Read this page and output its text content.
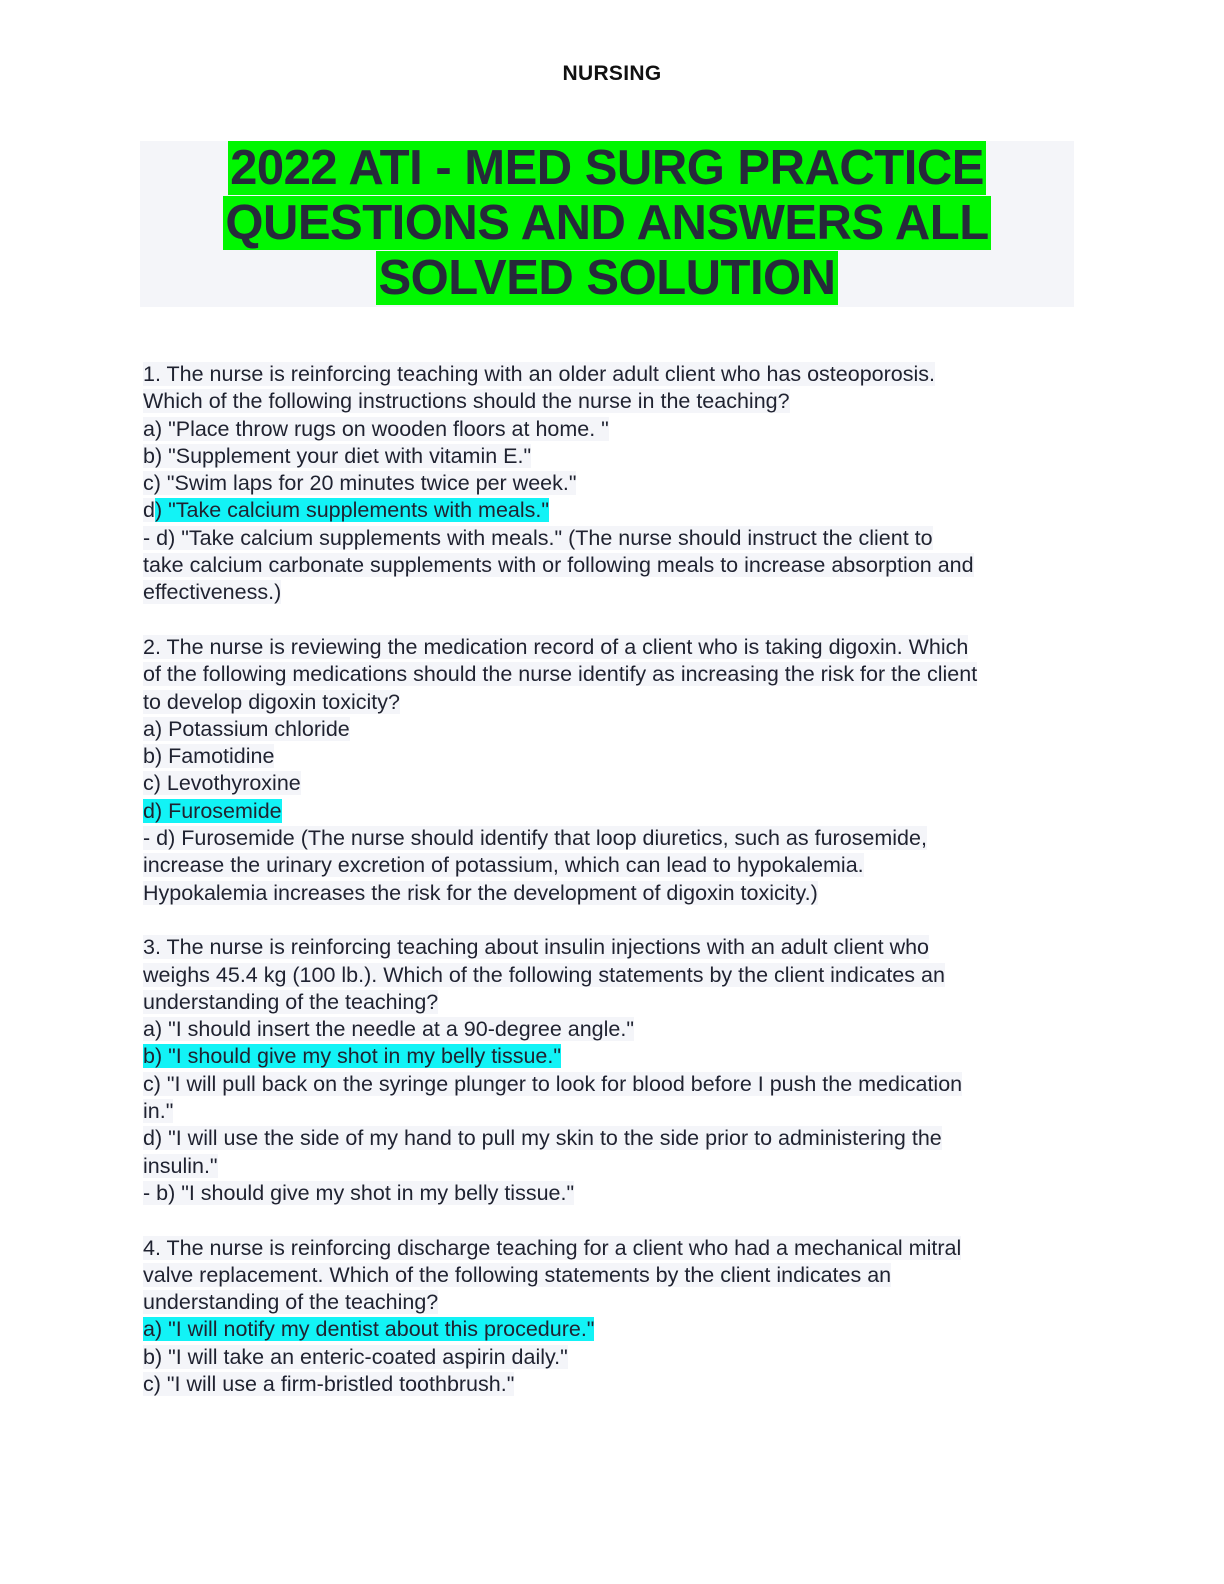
NURSING
2022 ATI - MED SURG PRACTICE
QUESTIONS AND ANSWERS ALL
SOLVED SOLUTION
1. The nurse is reinforcing teaching with an older adult client who has osteoporosis.
Which of the following instructions should the nurse in the teaching?
a) "Place throw rugs on wooden floors at home. "
b) "Supplement your diet with vitamin E."
c) "Swim laps for 20 minutes twice per week."
d) "Take calcium supplements with meals."
- d) "Take calcium supplements with meals." (The nurse should instruct the client to
take calcium carbonate supplements with or following meals to increase absorption and
effectiveness.)
2. The nurse is reviewing the medication record of a client who is taking digoxin. Which
of the following medications should the nurse identify as increasing the risk for the client
to develop digoxin toxicity?
a) Potassium chloride
b) Famotidine
c) Levothyroxine
d) Furosemide
- d) Furosemide (The nurse should identify that loop diuretics, such as furosemide,
increase the urinary excretion of potassium, which can lead to hypokalemia.
Hypokalemia increases the risk for the development of digoxin toxicity.)
3. The nurse is reinforcing teaching about insulin injections with an adult client who
weighs 45.4 kg (100 lb.). Which of the following statements by the client indicates an
understanding of the teaching?
a) "I should insert the needle at a 90-degree angle."
b) "I should give my shot in my belly tissue."
c) "I will pull back on the syringe plunger to look for blood before I push the medication
in."
d) "I will use the side of my hand to pull my skin to the side prior to administering the
insulin."
- b) "I should give my shot in my belly tissue."
4. The nurse is reinforcing discharge teaching for a client who had a mechanical mitral
valve replacement. Which of the following statements by the client indicates an
understanding of the teaching?
a) "I will notify my dentist about this procedure."
b) "I will take an enteric-coated aspirin daily."
c) "I will use a firm-bristled toothbrush."
